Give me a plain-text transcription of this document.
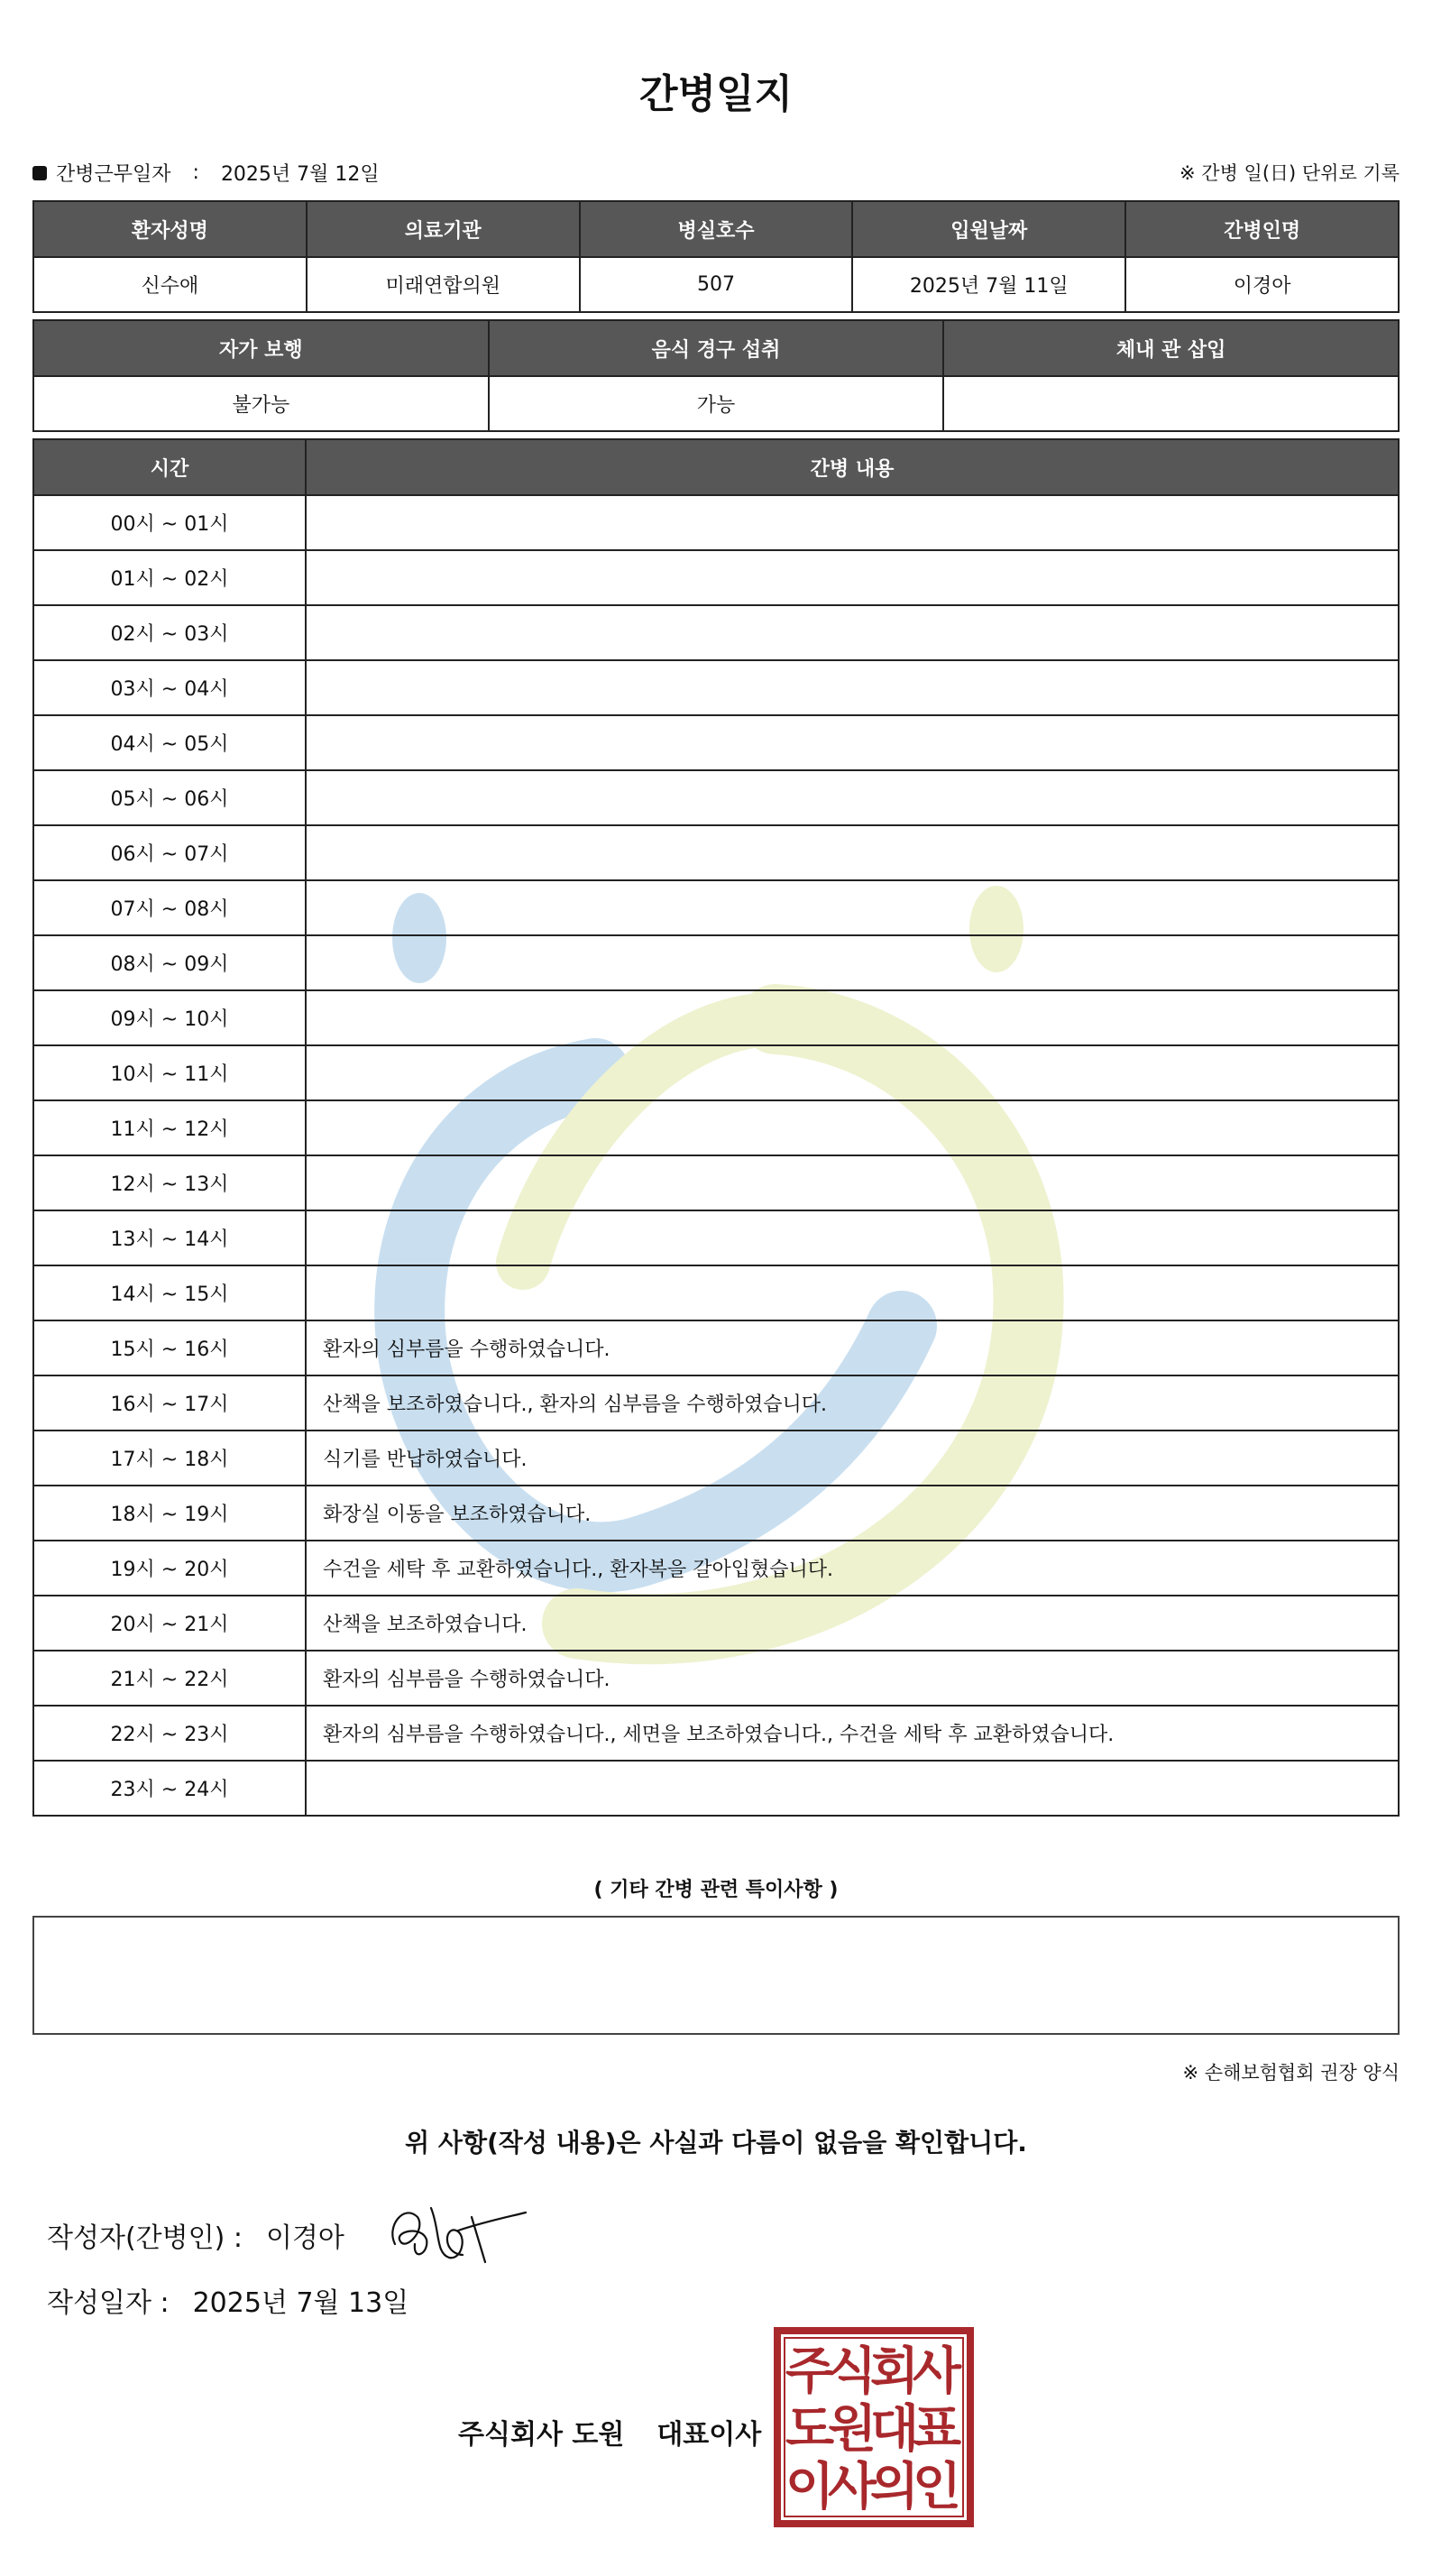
간병일지
간병근무일자 : 2025년 7월 12일	※ 간병 일(日) 단위로 기록
환자성명	의료기관	병실호수	입원날짜	간병인명
신수애	미래연합의원	507	2025년 7월 11일	이경아
자가 보행	음식 경구 섭취	체내 관 삽입
불가능	가능	
시간	간병 내용
00시 ~ 01시	
01시 ~ 02시	
02시 ~ 03시	
03시 ~ 04시	
04시 ~ 05시	
05시 ~ 06시	
06시 ~ 07시	
07시 ~ 08시	
08시 ~ 09시	
09시 ~ 10시	
10시 ~ 11시	
11시 ~ 12시	
12시 ~ 13시	
13시 ~ 14시	
14시 ~ 15시	
15시 ~ 16시	환자의 심부름을 수행하였습니다.
16시 ~ 17시	산책을 보조하였습니다., 환자의 심부름을 수행하였습니다.
17시 ~ 18시	식기를 반납하였습니다.
18시 ~ 19시	화장실 이동을 보조하였습니다.
19시 ~ 20시	수건을 세탁 후 교환하였습니다., 환자복을 갈아입혔습니다.
20시 ~ 21시	산책을 보조하였습니다.
21시 ~ 22시	환자의 심부름을 수행하였습니다.
22시 ~ 23시	환자의 심부름을 수행하였습니다., 세면을 보조하였습니다., 수건을 세탁 후 교환하였습니다.
23시 ~ 24시	
( 기타 간병 관련 특이사항 )
※ 손해보험협회 권장 양식
위 사항(작성 내용)은 사실과 다름이 없음을 확인합니다.
작성자(간병인) : 이경아
작성일자 : 2025년 7월 13일
주식회사 도원 대표이사
주
식
회
사
도
원
대
표
이
사
의
인
